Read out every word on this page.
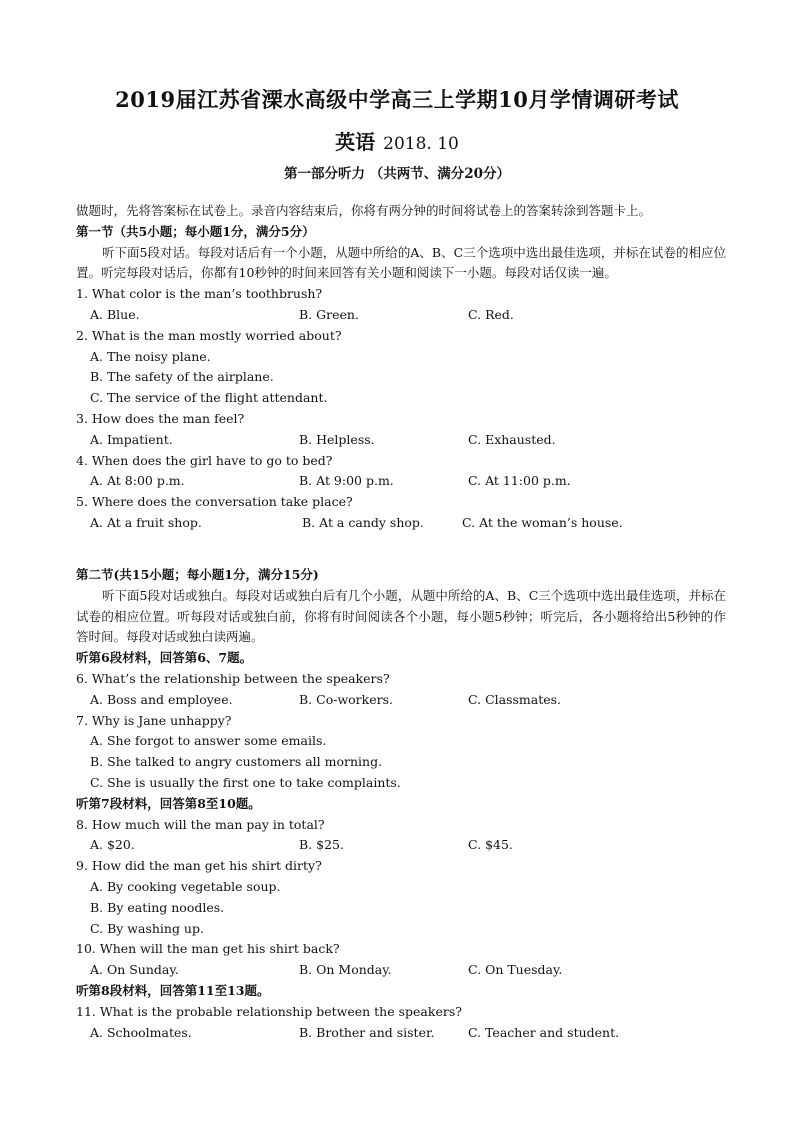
2019届江苏省溧水高级中学高三上学期10月学情调研考试
英语 2018. 10
第一部分听力 （共两节、满分20分）
做题时，先将答案标在试卷上。录音内容结束后，你将有两分钟的时间将试卷上的答案转涂到答题卡上。
第一节（共5小题；每小题1分，满分5分）
听下面5段对话。每段对话后有一个小题，从题中所给的A、B、C三个选项中选出最佳选项，并标在试卷的相应位置。听完每段对话后，你都有10秒钟的时间来回答有关小题和阅读下一小题。每段对话仅读一遍。
1. What color is the man’s toothbrush?
A. Blue.	B. Green.	C. Red.
2. What is the man mostly worried about?
A. The noisy plane.
B. The safety of the airplane.
C. The service of the flight attendant.
3. How does the man feel?
A. Impatient.	B. Helpless.	C. Exhausted.
4. When does the girl have to go to bed?
A. At 8:00 p.m.	B. At 9:00 p.m.	C. At 11:00 p.m.
5. Where does the conversation take place?
A. At a fruit shop.	B. At a candy shop.	C. At the woman’s house.
第二节(共15小题；每小题1分，满分15分)
听下面5段对话或独白。每段对话或独白后有几个小题，从题中所给的A、B、C三个选项中选出最佳选项，并标在试卷的相应位置。听每段对话或独白前，你将有时间阅读各个小题，每小题5秒钟；听完后，各小题将给出5秒钟的作答时间。每段对话或独白读两遍。
听第6段材料，回答第6、7题。
6. What’s the relationship between the speakers?
A. Boss and employee.	B. Co-workers.	C. Classmates.
7. Why is Jane unhappy?
A. She forgot to answer some emails.
B. She talked to angry customers all morning.
C. She is usually the first one to take complaints.
听第7段材料，回答第8至10题。
8. How much will the man pay in total?
A. $20.	B. $25.	C. $45.
9. How did the man get his shirt dirty?
A. By cooking vegetable soup.
B. By eating noodles.
C. By washing up.
10. When will the man get his shirt back?
A. On Sunday.	B. On Monday.	C. On Tuesday.
听第8段材料，回答第11至13题。
11. What is the probable relationship between the speakers?
A. Schoolmates.	B. Brother and sister.	C. Teacher and student.
